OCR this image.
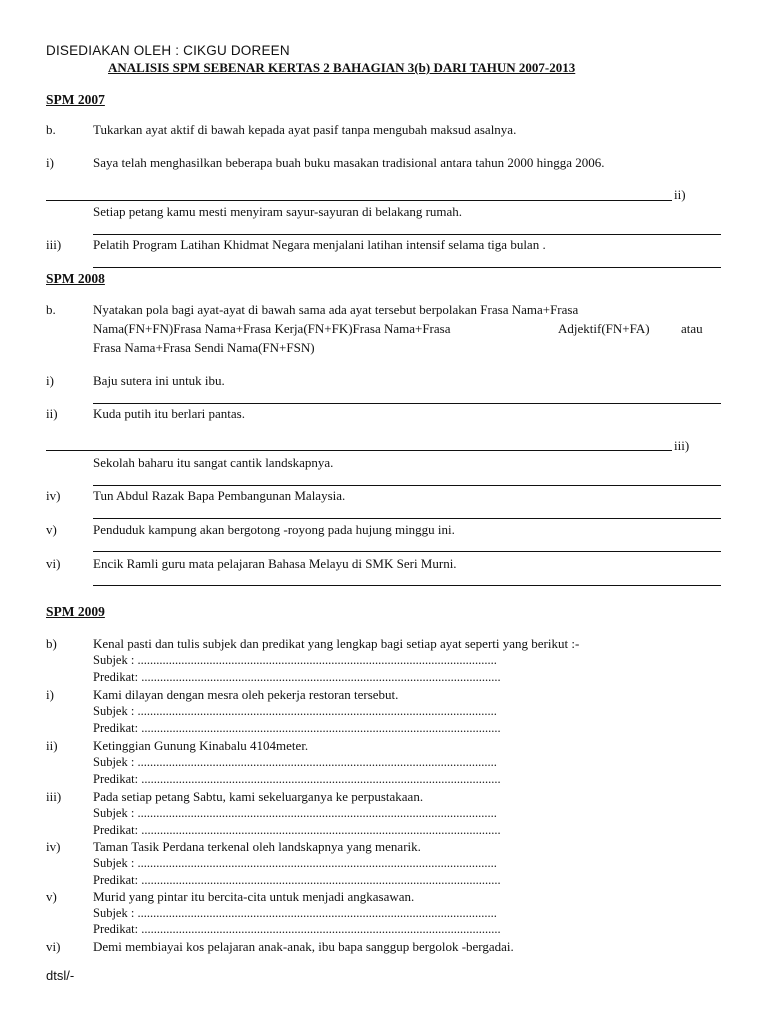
DISEDIAKAN OLEH : CIKGU DOREEN
ANALISIS SPM SEBENAR KERTAS 2 BAHAGIAN 3(b) DARI TAHUN 2007-2013
SPM 2007
b.	Tukarkan ayat aktif di bawah kepada ayat pasif tanpa mengubah maksud asalnya.
i)	Saya telah menghasilkan beberapa buah buku masakan tradisional antara tahun 2000 hingga 2006.
ii)
Setiap petang kamu mesti menyiram sayur-sayuran di belakang rumah.
iii) Pelatih Program Latihan Khidmat Negara menjalani latihan intensif selama tiga bulan .
SPM 2008
b.	Nyatakan pola bagi ayat-ayat di bawah sama ada ayat tersebut berpolakan Frasa Nama+Frasa
Nama(FN+FN)Frasa Nama+Frasa Kerja(FN+FK)Frasa Nama+Frasa	Adjektif(FN+FA) atau
Frasa Nama+Frasa Sendi Nama(FN+FSN)
i)	Baju sutera ini untuk ibu.
ii)	Kuda putih itu berlari pantas.
iii)
Sekolah baharu itu sangat cantik landskapnya.
iv)	Tun Abdul Razak Bapa Pembangunan Malaysia.
v)	Penduduk kampung akan bergotong -royong pada hujung minggu ini.
vi)	Encik Ramli guru mata pelajaran Bahasa Melayu di SMK Seri Murni.
SPM 2009
b)	Kenal pasti dan tulis subjek dan predikat yang lengkap bagi setiap ayat seperti yang berikut :-
Subjek : ...................................................................................................................
Predikat: ...................................................................................................................
i)	Kami dilayan dengan mesra oleh pekerja restoran tersebut.
Subjek : ...................................................................................................................
Predikat: ...................................................................................................................
ii)	Ketinggian Gunung Kinabalu 4104meter.
Subjek : ...................................................................................................................
Predikat: ...................................................................................................................
iii) Pada setiap petang Sabtu, kami sekeluarganya ke perpustakaan.
Subjek : ...................................................................................................................
Predikat: ...................................................................................................................
iv)	Taman Tasik Perdana terkenal oleh landskapnya yang menarik.
Subjek : ...................................................................................................................
Predikat: ...................................................................................................................
v)	Murid yang pintar itu bercita-cita untuk menjadi angkasawan.
Subjek : ...................................................................................................................
Predikat: ...................................................................................................................
vi)	Demi membiayai kos pelajaran anak-anak, ibu bapa sanggup bergolok -bergadai.
dtsl/-
